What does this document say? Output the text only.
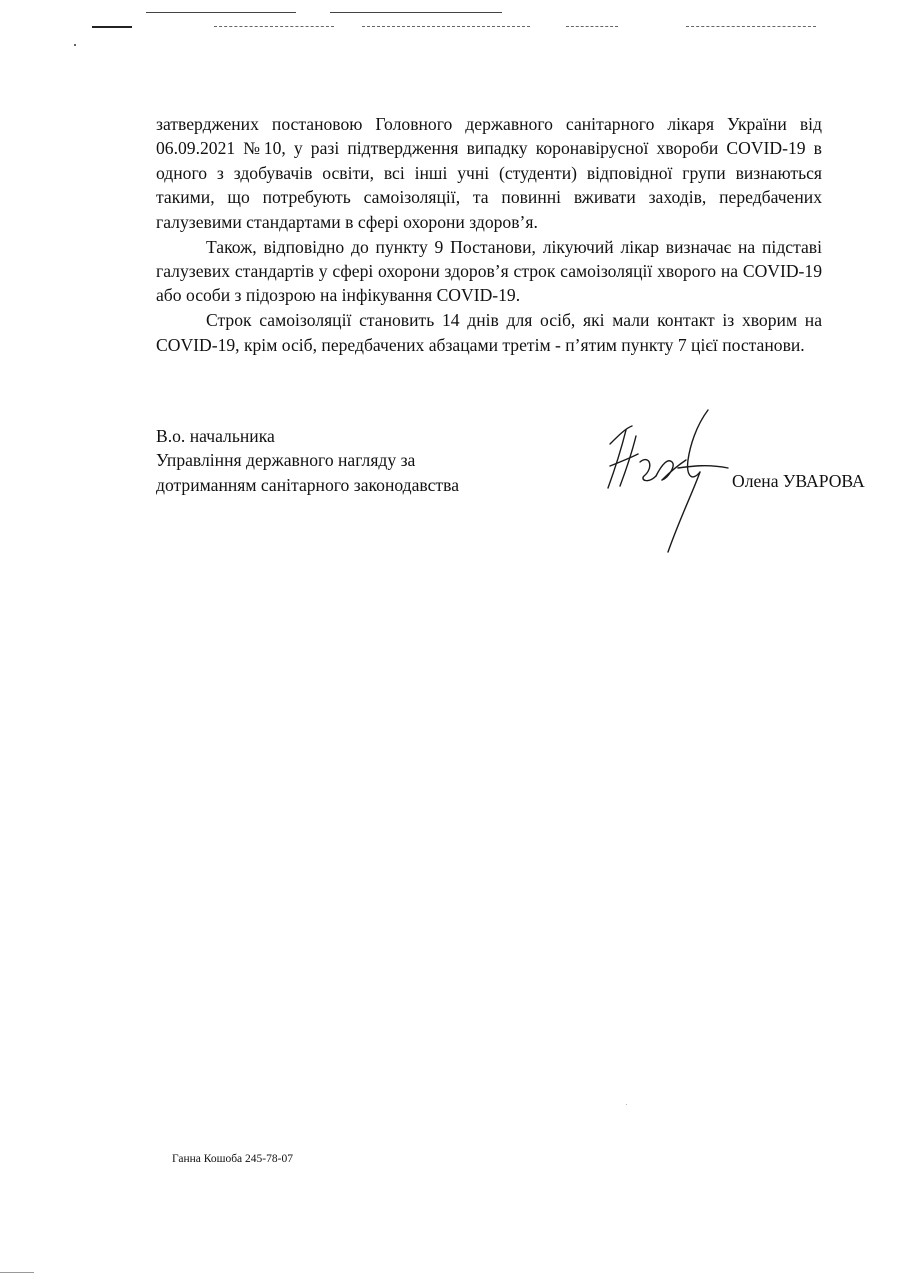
затверджених постановою Головного державного санітарного лікаря України від 06.09.2021 №10, у разі підтвердження випадку коронавірусної хвороби COVID-19 в одного з здобувачів освіти, всі інші учні (студенти) відповідної групи визнаються такими, що потребують самоізоляції, та повинні вживати заходів, передбачених галузевими стандартами в сфері охорони здоров’я.

Також, відповідно до пункту 9 Постанови, лікуючий лікар визначає на підставі галузевих стандартів у сфері охорони здоров’я строк самоізоляції хворого на COVID-19 або особи з підозрою на інфікування COVID-19.

Строк самоізоляції становить 14 днів для осіб, які мали контакт із хворим на COVID-19, крім осіб, передбачених абзацами третім - п’ятим пункту 7 цієї постанови.

В.о. начальника
Управління державного нагляду за
дотриманням санітарного законодавства	Олена УВАРОВА
Ганна Кошоба 245-78-07
